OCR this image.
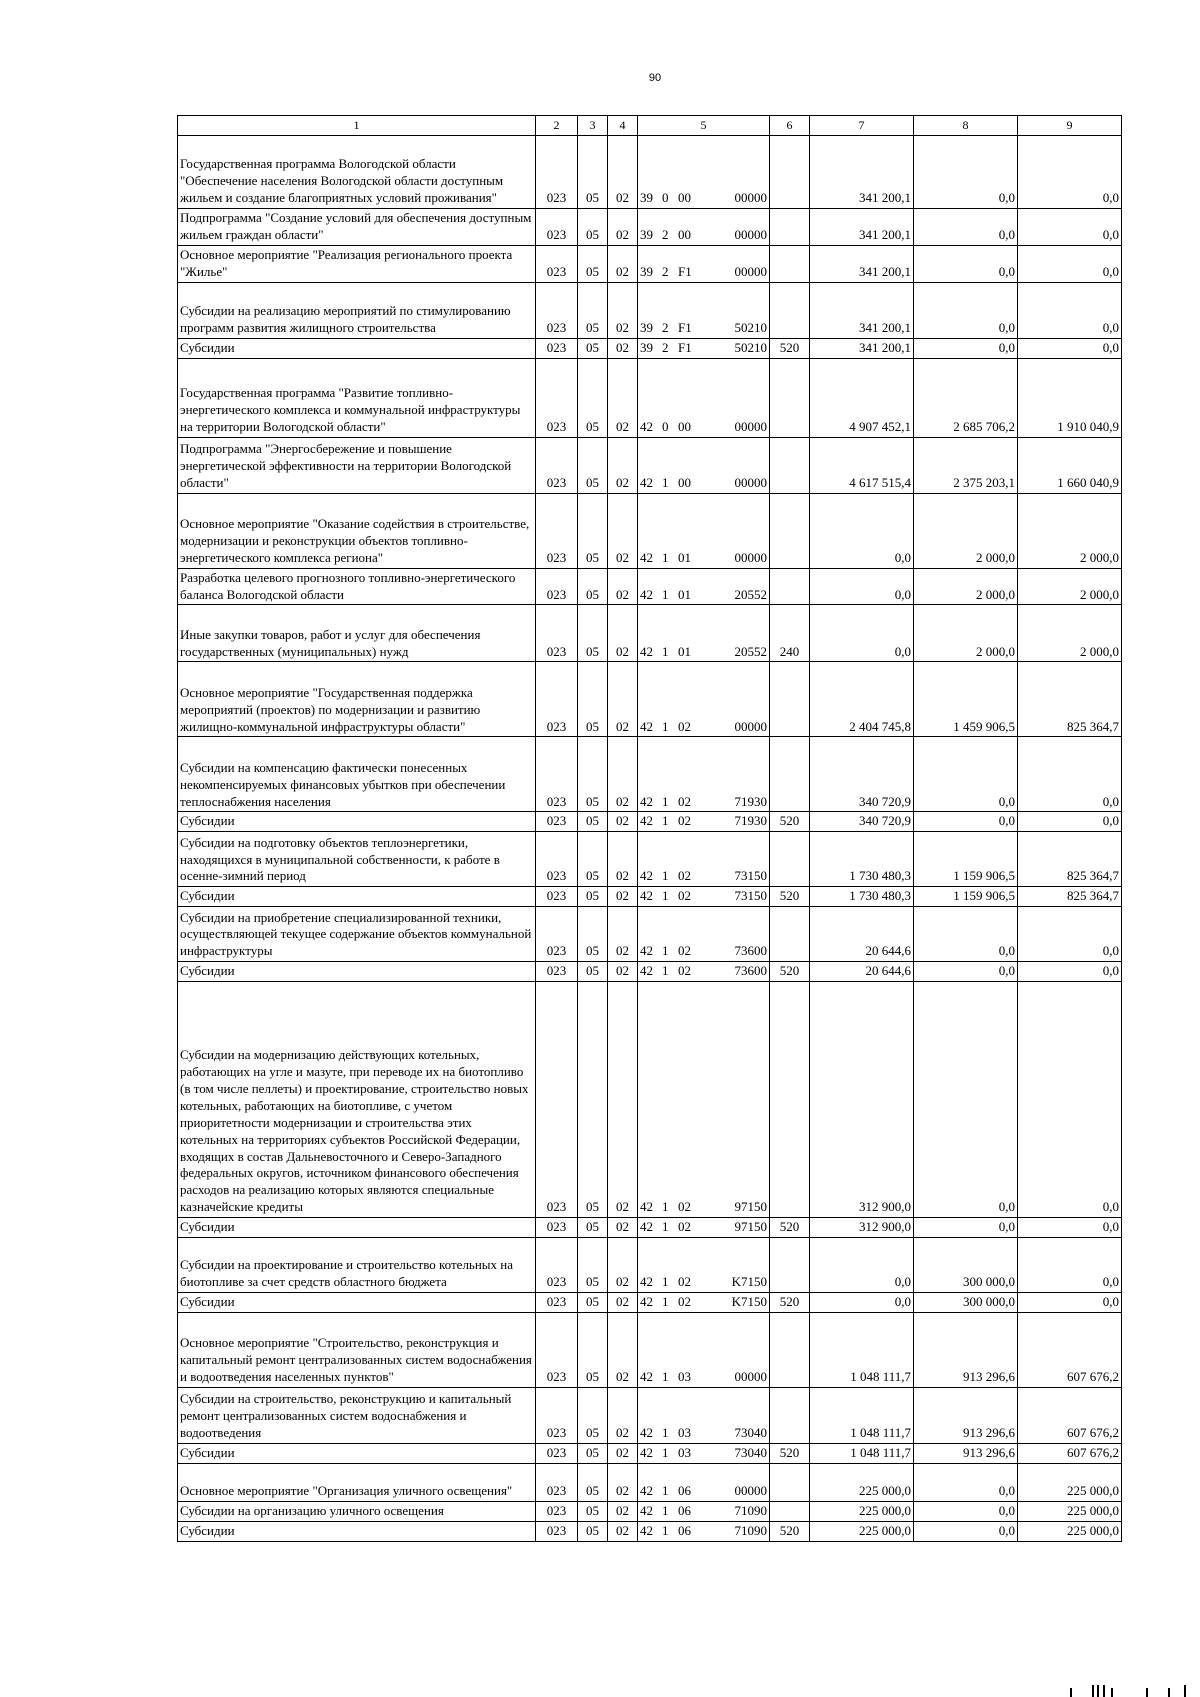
90
1	2	3	4	5	6	7	8	9
Государственная программа Вологодской области "Обеспечение населения Вологодской области доступным жильем и создание благоприятных условий проживания"	023	05	02	39 0 00 00000		341 200,1	0,0	0,0
Подпрограмма "Создание условий для обеспечения доступным жильем граждан области"	023	05	02	39 2 00 00000		341 200,1	0,0	0,0
Основное мероприятие "Реализация регионального проекта "Жилье"	023	05	02	39 2 F1 00000		341 200,1	0,0	0,0
Субсидии на реализацию мероприятий по стимулированию программ развития жилищного строительства	023	05	02	39 2 F1 50210		341 200,1	0,0	0,0
Субсидии	023	05	02	39 2 F1 50210	520	341 200,1	0,0	0,0
Государственная программа "Развитие топливно-энергетического комплекса и коммунальной инфраструктуры на территории Вологодской области"	023	05	02	42 0 00 00000		4 907 452,1	2 685 706,2	1 910 040,9
Подпрограмма "Энергосбережение и повышение энергетической эффективности на территории Вологодской области"	023	05	02	42 1 00 00000		4 617 515,4	2 375 203,1	1 660 040,9
Основное мероприятие "Оказание содействия в строительстве, модернизации и реконструкции объектов топливно-энергетического комплекса региона"	023	05	02	42 1 01 00000		0,0	2 000,0	2 000,0
Разработка целевого прогнозного топливно-энергетического баланса Вологодской области	023	05	02	42 1 01 20552		0,0	2 000,0	2 000,0
Иные закупки товаров, работ и услуг для обеспечения государственных (муниципальных) нужд	023	05	02	42 1 01 20552	240	0,0	2 000,0	2 000,0
Основное мероприятие "Государственная поддержка мероприятий (проектов) по модернизации и развитию жилищно-коммунальной инфраструктуры области"	023	05	02	42 1 02 00000		2 404 745,8	1 459 906,5	825 364,7
Субсидии на компенсацию фактически понесенных некомпенсируемых финансовых убытков при обеспечении теплоснабжения населения	023	05	02	42 1 02 71930		340 720,9	0,0	0,0
Субсидии	023	05	02	42 1 02 71930	520	340 720,9	0,0	0,0
Субсидии на подготовку объектов теплоэнергетики, находящихся в муниципальной собственности, к работе в осенне-зимний период	023	05	02	42 1 02 73150		1 730 480,3	1 159 906,5	825 364,7
Субсидии	023	05	02	42 1 02 73150	520	1 730 480,3	1 159 906,5	825 364,7
Субсидии на приобретение специализированной техники, осуществляющей текущее содержание объектов коммунальной инфраструктуры	023	05	02	42 1 02 73600		20 644,6	0,0	0,0
Субсидии	023	05	02	42 1 02 73600	520	20 644,6	0,0	0,0
Субсидии на модернизацию действующих котельных, работающих на угле и мазуте, при переводе их на биотопливо (в том числе пеллеты) и проектирование, строительство новых котельных, работающих на биотопливе, с учетом приоритетности модернизации и строительства этих котельных на территориях субъектов Российской Федерации, входящих в состав Дальневосточного и Северо-Западного федеральных округов, источником финансового обеспечения расходов на реализацию которых являются специальные казначейские кредиты	023	05	02	42 1 02 97150		312 900,0	0,0	0,0
Субсидии	023	05	02	42 1 02 97150	520	312 900,0	0,0	0,0
Субсидии на проектирование и строительство котельных на биотопливе за счет средств областного бюджета	023	05	02	42 1 02 K7150		0,0	300 000,0	0,0
Субсидии	023	05	02	42 1 02 K7150	520	0,0	300 000,0	0,0
Основное мероприятие "Строительство, реконструкция и капитальный ремонт централизованных систем водоснабжения и водоотведения населенных пунктов"	023	05	02	42 1 03 00000		1 048 111,7	913 296,6	607 676,2
Субсидии на строительство, реконструкцию и капитальный ремонт централизованных систем водоснабжения и водоотведения	023	05	02	42 1 03 73040		1 048 111,7	913 296,6	607 676,2
Субсидии	023	05	02	42 1 03 73040	520	1 048 111,7	913 296,6	607 676,2
Основное мероприятие "Организация уличного освещения"	023	05	02	42 1 06 00000		225 000,0	0,0	225 000,0
Субсидии на организацию уличного освещения	023	05	02	42 1 06 71090		225 000,0	0,0	225 000,0
Субсидии	023	05	02	42 1 06 71090	520	225 000,0	0,0	225 000,0
